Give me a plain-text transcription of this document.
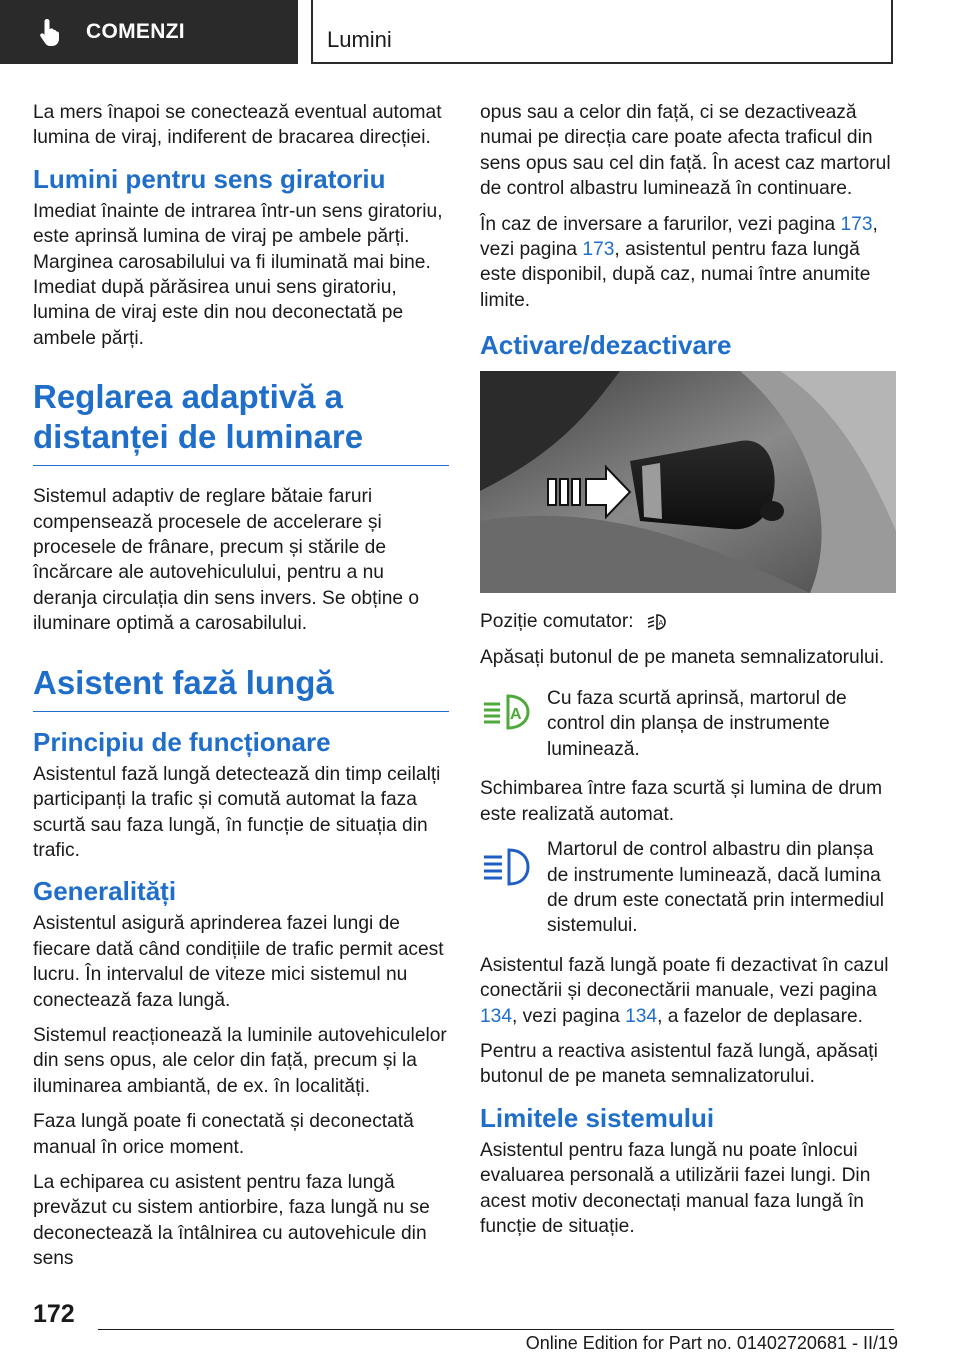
COMENZI	Lumini

La mers înapoi se conectează eventual automat lumina de viraj, indiferent de bracarea direcției.

Lumini pentru sens giratoriu

Imediat înainte de intrarea într‑un sens giratoriu, este aprinsă lumina de viraj pe ambele părți. Marginea carosabilului va fi iluminată mai bine. Imediat după părăsirea unui sens giratoriu, lumina de viraj este din nou deconectată pe ambele părți.

Reglarea adaptivă a distanței de luminare

Sistemul adaptiv de reglare bătaie faruri compensează procesele de accelerare și procesele de frânare, precum și stările de încărcare ale autovehiculului, pentru a nu deranja circulația din sens invers. Se obține o iluminare optimă a carosabilului.

Asistent fază lungă
Principiu de funcționare

Asistentul fază lungă detectează din timp ceilalți participanți la trafic și comută automat la faza scurtă sau faza lungă, în funcție de situația din trafic.

Generalități

Asistentul asigură aprinderea fazei lungi de fiecare dată când condițiile de trafic permit acest lucru. În intervalul de viteze mici sistemul nu conectează faza lungă.

Sistemul reacționează la luminile autovehiculelor din sens opus, ale celor din față, precum și la iluminarea ambiantă, de ex. în localități.

Faza lungă poate fi conectată și deconectată manual în orice moment.

La echiparea cu asistent pentru faza lungă prevăzut cu sistem antiorbire, faza lungă nu se deconectează la întâlnirea cu autovehicule din sens

opus sau a celor din față, ci se dezactivează numai pe direcția care poate afecta traficul din sens opus sau cel din față. În acest caz martorul de control albastru luminează în continuare.

În caz de inversare a farurilor, vezi pagina 173, vezi pagina 173, asistentul pentru faza lungă este disponibil, după caz, numai între anumite limite.

Activare/dezactivare

Poziție comutator:	A

Apăsați butonul de pe maneta semnalizatorului.

A

Cu faza scurtă aprinsă, martorul de control din planșa de instrumente luminează.

Schimbarea între faza scurtă și lumina de drum este realizată automat.

Martorul de control albastru din planșa de instrumente luminează, dacă lumina de drum este conectată prin intermediul sistemului.

Asistentul fază lungă poate fi dezactivat în cazul conectării și deconectării manuale, vezi pagina 134, vezi pagina 134, a fazelor de deplasare.

Pentru a reactiva asistentul fază lungă, apăsați butonul de pe maneta semnalizatorului.

Limitele sistemului

Asistentul pentru faza lungă nu poate înlocui evaluarea personală a utilizării fazei lungi. Din acest motiv deconectați manual faza lungă în funcție de situație.

172
Online Edition for Part no. 01402720681 - II/19
